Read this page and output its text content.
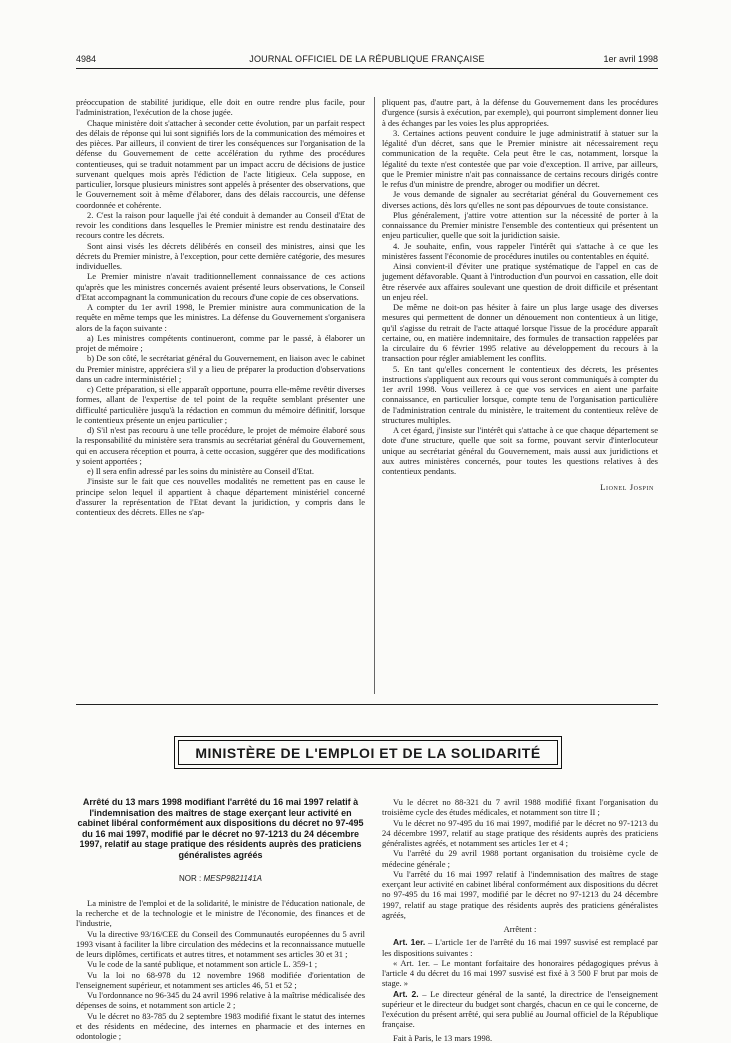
4984	JOURNAL OFFICIEL DE LA RÉPUBLIQUE FRANÇAISE	1er avril 1998

préoccupation de stabilité juridique, elle doit en outre rendre plus facile, pour l'administration, l'exécution de la chose jugée.

Chaque ministère doit s'attacher à seconder cette évolution, par un parfait respect des délais de réponse qui lui sont signifiés lors de la communication des mémoires et des pièces. Par ailleurs, il convient de tirer les conséquences sur l'organisation de la défense du Gouvernement de cette accélération du rythme des procédures contentieuses, qui se traduit notamment par un impact accru de décisions de justice survenant quelques mois après l'édiction de l'acte litigieux. Cela suppose, en particulier, lorsque plusieurs ministres sont appelés à présenter des observations, que le Gouvernement soit à même d'élaborer, dans des délais raccourcis, une défense coordonnée et cohérente.

2. C'est la raison pour laquelle j'ai été conduit à demander au Conseil d'Etat de revoir les conditions dans lesquelles le Premier ministre est rendu destinataire des recours contre les décrets.

Sont ainsi visés les décrets délibérés en conseil des ministres, ainsi que les décrets du Premier ministre, à l'exception, pour cette dernière catégorie, des mesures individuelles.

Le Premier ministre n'avait traditionnellement connaissance de ces actions qu'après que les ministres concernés avaient présenté leurs observations, le Conseil d'Etat accompagnant la communication du recours d'une copie de ces observations.

A compter du 1er avril 1998, le Premier ministre aura communication de la requête en même temps que les ministres. La défense du Gouvernement s'organisera alors de la façon suivante :

a) Les ministres compétents continueront, comme par le passé, à élaborer un projet de mémoire ;

b) De son côté, le secrétariat général du Gouvernement, en liaison avec le cabinet du Premier ministre, appréciera s'il y a lieu de préparer la production d'observations dans un cadre interministériel ;

c) Cette préparation, si elle apparaît opportune, pourra elle-même revêtir diverses formes, allant de l'expertise de tel point de la requête semblant présenter une difficulté particulière jusqu'à la rédaction en commun du mémoire définitif, lorsque le contentieux présente un enjeu particulier ;

d) S'il n'est pas recouru à une telle procédure, le projet de mémoire élaboré sous la responsabilité du ministère sera transmis au secrétariat général du Gouvernement, qui en accusera réception et pourra, à cette occasion, suggérer que des modifications y soient apportées ;

e) Il sera enfin adressé par les soins du ministère au Conseil d'Etat.

J'insiste sur le fait que ces nouvelles modalités ne remettent pas en cause le principe selon lequel il appartient à chaque département ministériel concerné d'assurer la représentation de l'Etat devant la juridiction, y compris dans le contentieux des décrets. Elles ne s'ap-

pliquent pas, d'autre part, à la défense du Gouvernement dans les procédures d'urgence (sursis à exécution, par exemple), qui pourront simplement donner lieu à des échanges par les voies les plus appropriées.

3. Certaines actions peuvent conduire le juge administratif à statuer sur la légalité d'un décret, sans que le Premier ministre ait nécessairement reçu communication de la requête. Cela peut être le cas, notamment, lorsque la légalité du texte n'est contestée que par voie d'exception. Il arrive, par ailleurs, que le Premier ministre n'ait pas connaissance de certains recours dirigés contre le refus d'un ministre de prendre, abroger ou modifier un décret.

Je vous demande de signaler au secrétariat général du Gouvernement ces diverses actions, dès lors qu'elles ne sont pas dépourvues de toute consistance.

Plus généralement, j'attire votre attention sur la nécessité de porter à la connaissance du Premier ministre l'ensemble des contentieux qui présentent un enjeu particulier, quelle que soit la juridiction saisie.

4. Je souhaite, enfin, vous rappeler l'intérêt qui s'attache à ce que les ministères fassent l'économie de procédures inutiles ou contentables en équité.

Ainsi convient-il d'éviter une pratique systématique de l'appel en cas de jugement défavorable. Quant à l'introduction d'un pourvoi en cassation, elle doit être réservée aux affaires soulevant une question de droit difficile et présentant un enjeu réel.

De même ne doit-on pas hésiter à faire un plus large usage des diverses mesures qui permettent de donner un dénouement non contentieux à un litige, qu'il s'agisse du retrait de l'acte attaqué lorsque l'issue de la procédure apparaît certaine, ou, en matière indemnitaire, des formules de transaction rappelées par la circulaire du 6 février 1995 relative au développement du recours à la transaction pour régler amiablement les conflits.

5. En tant qu'elles concernent le contentieux des décrets, les présentes instructions s'appliquent aux recours qui vous seront communiqués à compter du 1er avril 1998. Vous veillerez à ce que vos services en aient une parfaite connaissance, en particulier lorsque, compte tenu de l'organisation particulière de l'administration centrale du ministère, le traitement du contentieux relève de structures multiples.

A cet égard, j'insiste sur l'intérêt qui s'attache à ce que chaque département se dote d'une structure, quelle que soit sa forme, pouvant servir d'interlocuteur unique au secrétariat général du Gouvernement, mais aussi aux juridictions et aux autres ministères concernés, pour toutes les questions relatives à des contentieux pendants.

Lionel Jospin

MINISTÈRE DE L'EMPLOI ET DE LA SOLIDARITÉ

Arrêté du 13 mars 1998 modifiant l'arrêté du 16 mai 1997 relatif à l'indemnisation des maîtres de stage exerçant leur activité en cabinet libéral conformément aux dispositions du décret no 97-495 du 16 mai 1997, modifié par le décret no 97-1213 du 24 décembre 1997, relatif au stage pratique des résidents auprès des praticiens généralistes agréés

NOR : MESP9821141A

La ministre de l'emploi et de la solidarité, le ministre de l'éducation nationale, de la recherche et de la technologie et le ministre de l'économie, des finances et de l'industrie,

Vu la directive 93/16/CEE du Conseil des Communautés européennes du 5 avril 1993 visant à faciliter la libre circulation des médecins et la reconnaissance mutuelle de leurs diplômes, certificats et autres titres, et notamment ses articles 30 et 31 ;

Vu le code de la santé publique, et notamment son article L. 359-1 ;

Vu la loi no 68-978 du 12 novembre 1968 modifiée d'orientation de l'enseignement supérieur, et notamment ses articles 46, 51 et 52 ;

Vu l'ordonnance no 96-345 du 24 avril 1996 relative à la maîtrise médicalisée des dépenses de soins, et notamment son article 2 ;

Vu le décret no 83-785 du 2 septembre 1983 modifié fixant le statut des internes et des résidents en médecine, des internes en pharmacie et des internes en odontologie ;

Vu le décret no 88-321 du 7 avril 1988 modifié fixant l'organisation du troisième cycle des études médicales, et notamment son titre II ;

Vu le décret no 97-495 du 16 mai 1997, modifié par le décret no 97-1213 du 24 décembre 1997, relatif au stage pratique des résidents auprès des praticiens généralistes agréés, et notamment ses articles 1er et 4 ;

Vu l'arrêté du 29 avril 1988 portant organisation du troisième cycle de médecine générale ;

Vu l'arrêté du 16 mai 1997 relatif à l'indemnisation des maîtres de stage exerçant leur activité en cabinet libéral conformément aux dispositions du décret no 97-495 du 16 mai 1997, modifié par le décret no 97-1213 du 24 décembre 1997, relatif au stage pratique des résidents auprès des praticiens généralistes agréés,

Arrêtent :

Art. 1er. – L'article 1er de l'arrêté du 16 mai 1997 susvisé est remplacé par les dispositions suivantes :

« Art. 1er. – Le montant forfaitaire des honoraires pédagogiques prévus à l'article 4 du décret du 16 mai 1997 susvisé est fixé à 3 500 F brut par mois de stage. »

Art. 2. – Le directeur général de la santé, la directrice de l'enseignement supérieur et le directeur du budget sont chargés, chacun en ce qui le concerne, de l'exécution du présent arrêté, qui sera publié au Journal officiel de la République française.

Fait à Paris, le 13 mars 1998.
